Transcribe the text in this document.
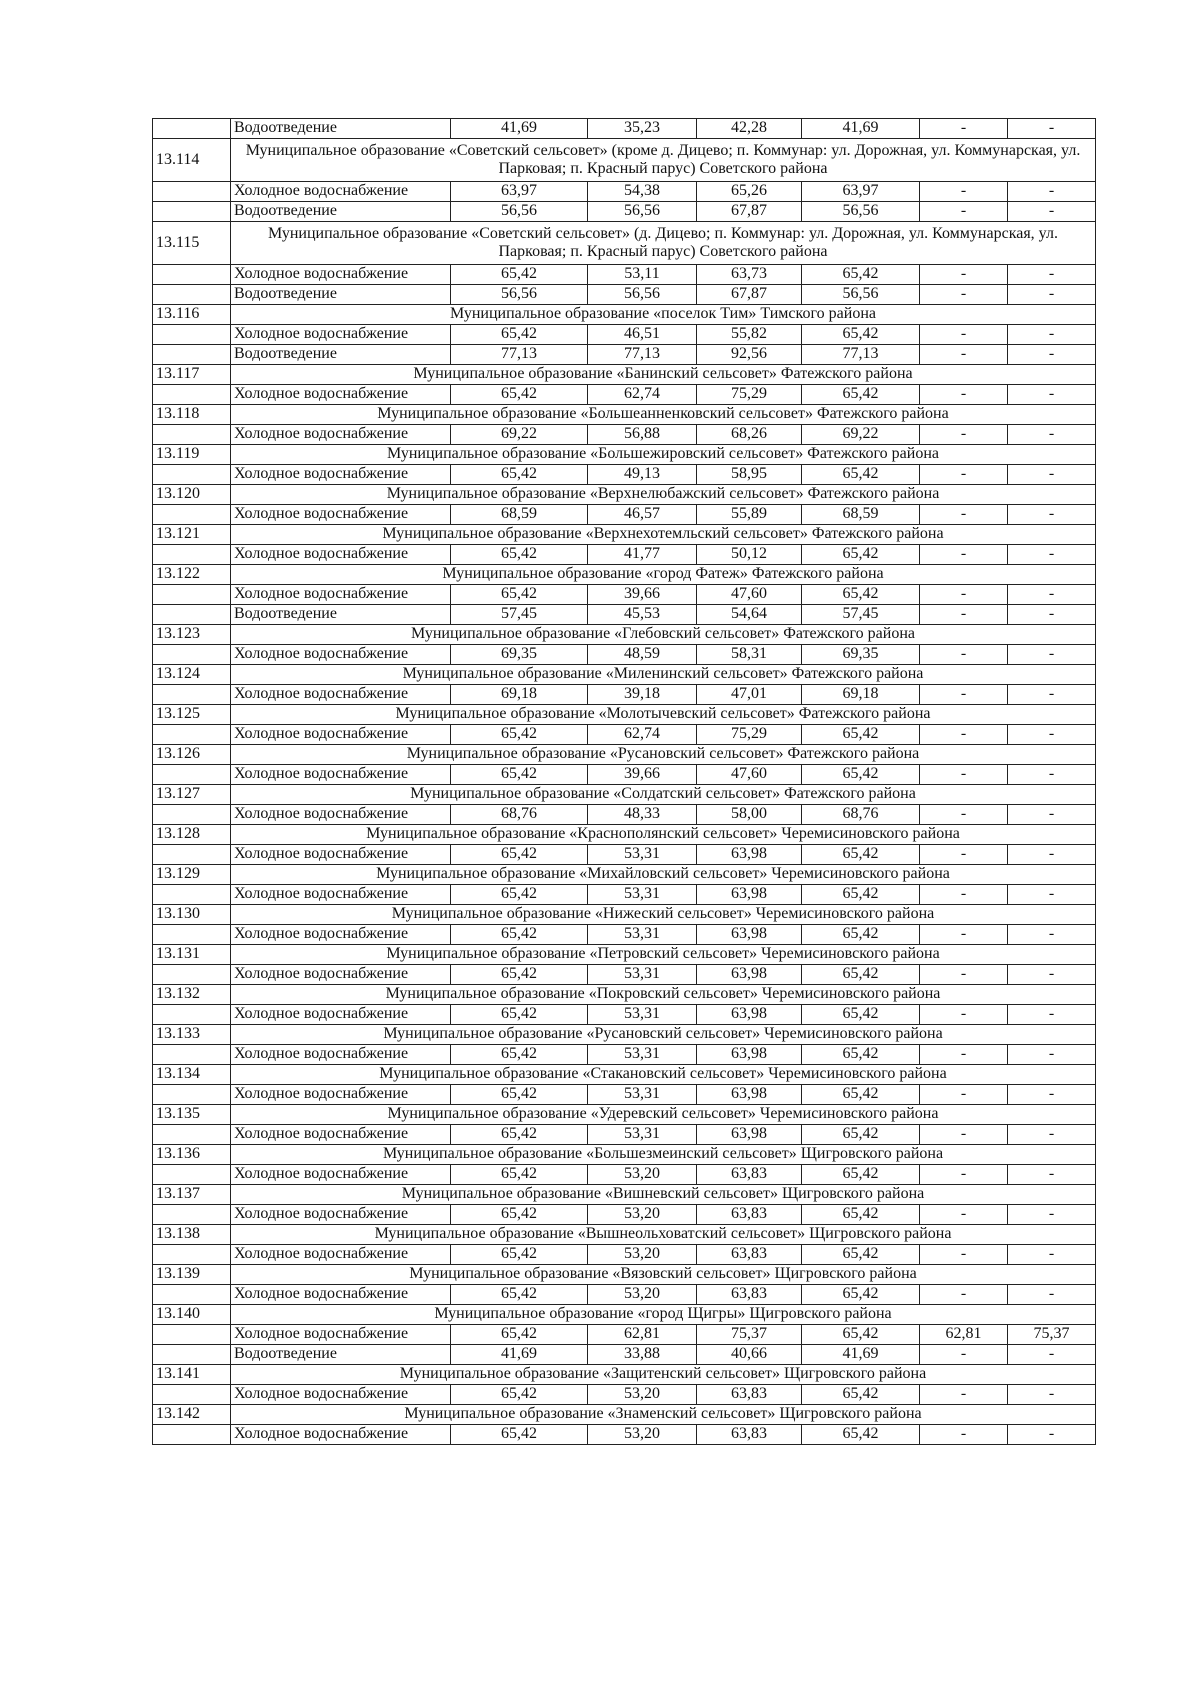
	Водоотведение	41,69	35,23	42,28	41,69	-	-
13.114	Муниципальное образование «Советский сельсовет» (кроме д. Дицево; п. Коммунар: ул. Дорожная, ул. Коммунарская, ул. Парковая; п. Красный парус) Советского района						
	Холодное водоснабжение	63,97	54,38	65,26	63,97	-	-
	Водоотведение	56,56	56,56	67,87	56,56	-	-
13.115	Муниципальное образование «Советский сельсовет» (д. Дицево; п. Коммунар: ул. Дорожная, ул. Коммунарская, ул. Парковая; п. Красный парус) Советского района						
	Холодное водоснабжение	65,42	53,11	63,73	65,42	-	-
	Водоотведение	56,56	56,56	67,87	56,56	-	-
13.116	Муниципальное образование «поселок Тим» Тимского района						
	Холодное водоснабжение	65,42	46,51	55,82	65,42	-	-
	Водоотведение	77,13	77,13	92,56	77,13	-	-
13.117	Муниципальное образование «Банинский сельсовет» Фатежского района						
	Холодное водоснабжение	65,42	62,74	75,29	65,42	-	-
13.118	Муниципальное образование «Большеанненковский сельсовет» Фатежского района						
	Холодное водоснабжение	69,22	56,88	68,26	69,22	-	-
13.119	Муниципальное образование «Большежировский сельсовет» Фатежского района						
	Холодное водоснабжение	65,42	49,13	58,95	65,42	-	-
13.120	Муниципальное образование «Верхнелюбажский сельсовет» Фатежского района						
	Холодное водоснабжение	68,59	46,57	55,89	68,59	-	-
13.121	Муниципальное образование «Верхнехотемльский сельсовет» Фатежского района						
	Холодное водоснабжение	65,42	41,77	50,12	65,42	-	-
13.122	Муниципальное образование «город Фатеж» Фатежского района						
	Холодное водоснабжение	65,42	39,66	47,60	65,42	-	-
	Водоотведение	57,45	45,53	54,64	57,45	-	-
13.123	Муниципальное образование «Глебовский сельсовет» Фатежского района						
	Холодное водоснабжение	69,35	48,59	58,31	69,35	-	-
13.124	Муниципальное образование «Миленинский сельсовет» Фатежского района						
	Холодное водоснабжение	69,18	39,18	47,01	69,18	-	-
13.125	Муниципальное образование «Молотычевский сельсовет» Фатежского района						
	Холодное водоснабжение	65,42	62,74	75,29	65,42	-	-
13.126	Муниципальное образование «Русановский сельсовет» Фатежского района						
	Холодное водоснабжение	65,42	39,66	47,60	65,42	-	-
13.127	Муниципальное образование «Солдатский сельсовет» Фатежского района						
	Холодное водоснабжение	68,76	48,33	58,00	68,76	-	-
13.128	Муниципальное образование «Краснополянский сельсовет» Черемисиновского района						
	Холодное водоснабжение	65,42	53,31	63,98	65,42	-	-
13.129	Муниципальное образование «Михайловский сельсовет» Черемисиновского района						
	Холодное водоснабжение	65,42	53,31	63,98	65,42	-	-
13.130	Муниципальное образование «Нижеский сельсовет» Черемисиновского района						
	Холодное водоснабжение	65,42	53,31	63,98	65,42	-	-
13.131	Муниципальное образование «Петровский сельсовет» Черемисиновского района						
	Холодное водоснабжение	65,42	53,31	63,98	65,42	-	-
13.132	Муниципальное образование «Покровский сельсовет» Черемисиновского района						
	Холодное водоснабжение	65,42	53,31	63,98	65,42	-	-
13.133	Муниципальное образование «Русановский сельсовет» Черемисиновского района						
	Холодное водоснабжение	65,42	53,31	63,98	65,42	-	-
13.134	Муниципальное образование «Стакановский сельсовет» Черемисиновского района						
	Холодное водоснабжение	65,42	53,31	63,98	65,42	-	-
13.135	Муниципальное образование «Удеревский сельсовет» Черемисиновского района						
	Холодное водоснабжение	65,42	53,31	63,98	65,42	-	-
13.136	Муниципальное образование «Большезмеинский сельсовет» Щигровского района						
	Холодное водоснабжение	65,42	53,20	63,83	65,42	-	-
13.137	Муниципальное образование «Вишневский сельсовет» Щигровского района						
	Холодное водоснабжение	65,42	53,20	63,83	65,42	-	-
13.138	Муниципальное образование «Вышнеольховатский сельсовет» Щигровского района						
	Холодное водоснабжение	65,42	53,20	63,83	65,42	-	-
13.139	Муниципальное образование «Вязовский сельсовет» Щигровского района						
	Холодное водоснабжение	65,42	53,20	63,83	65,42	-	-
13.140	Муниципальное образование «город Щигры» Щигровского района						
	Холодное водоснабжение	65,42	62,81	75,37	65,42	62,81	75,37
	Водоотведение	41,69	33,88	40,66	41,69	-	-
13.141	Муниципальное образование «Защитенский сельсовет» Щигровского района						
	Холодное водоснабжение	65,42	53,20	63,83	65,42	-	-
13.142	Муниципальное образование «Знаменский сельсовет» Щигровского района						
	Холодное водоснабжение	65,42	53,20	63,83	65,42	-	-
